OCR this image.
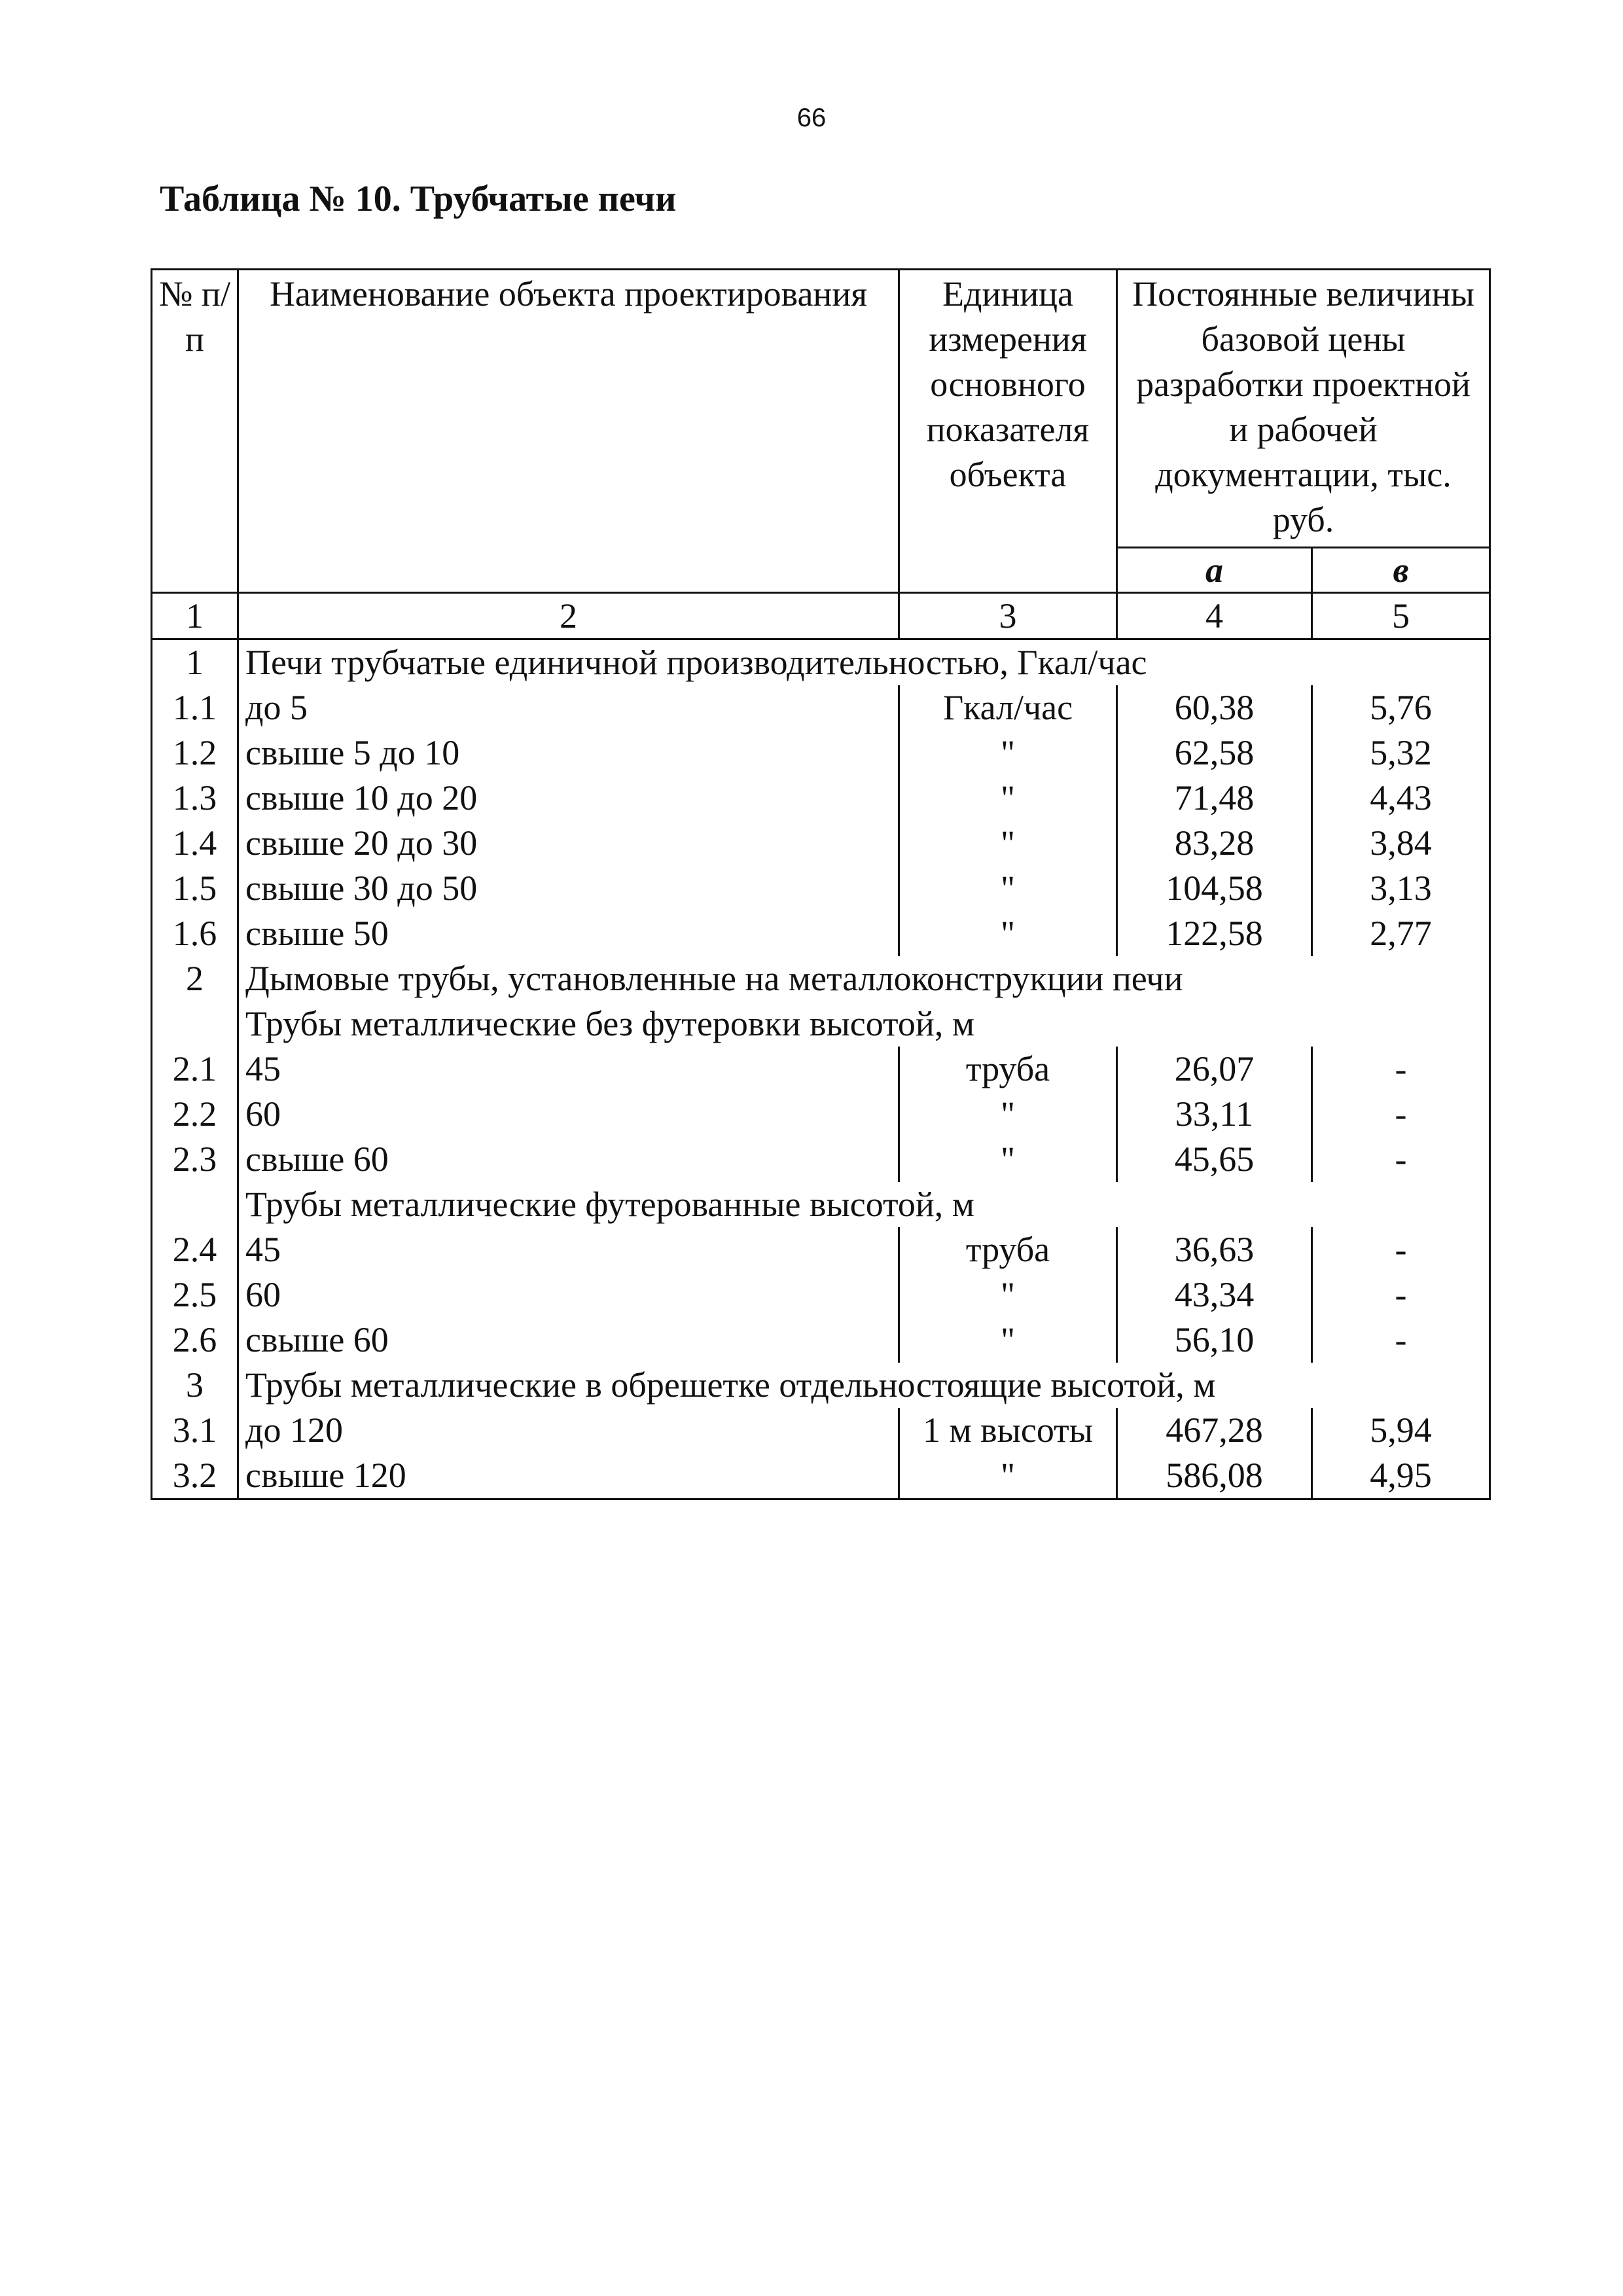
66
Таблица № 10. Трубчатые печи
№ п/п	Наименование объекта проектирования	Единица измерения основного показателя объекта	Постоянные величины базовой цены разработки проектной и рабочей документации, тыс. руб.	
			а	в
1	2	3	4	5
1	Печи трубчатые единичной производительностью, Гкал/час			
1.1	до 5	Гкал/час	60,38	5,76
1.2	свыше 5 до 10	"	62,58	5,32
1.3	свыше 10 до 20	"	71,48	4,43
1.4	свыше 20 до 30	"	83,28	3,84
1.5	свыше 30 до 50	"	104,58	3,13
1.6	свыше 50	"	122,58	2,77
2	Дымовые трубы, установленные на металлоконструкции печи			
	Трубы металлические без футеровки высотой, м			
2.1	45	труба	26,07	-
2.2	60	"	33,11	-
2.3	свыше 60	"	45,65	-
	Трубы металлические футерованные высотой, м			
2.4	45	труба	36,63	-
2.5	60	"	43,34	-
2.6	свыше 60	"	56,10	-
3	Трубы металлические в обрешетке отдельностоящие высотой, м			
3.1	до 120	1 м высоты	467,28	5,94
3.2	свыше 120	"	586,08	4,95
